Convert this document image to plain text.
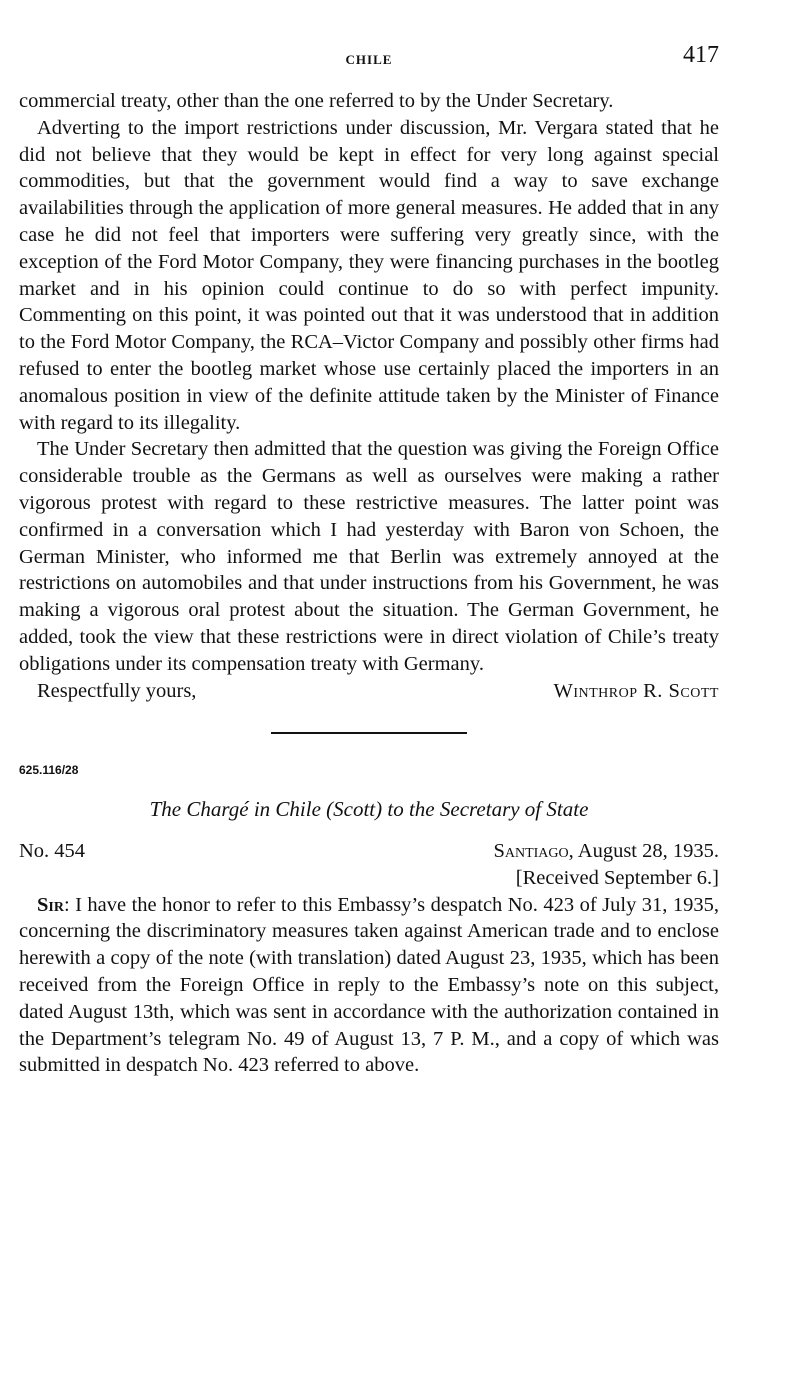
CHILE	417

commercial treaty, other than the one referred to by the Under Secretary.

Adverting to the import restrictions under discussion, Mr. Vergara stated that he did not believe that they would be kept in effect for very long against special commodities, but that the government would find a way to save exchange availabilities through the application of more general measures. He added that in any case he did not feel that importers were suffering very greatly since, with the exception of the Ford Motor Company, they were financing purchases in the bootleg market and in his opinion could continue to do so with perfect impunity. Commenting on this point, it was pointed out that it was understood that in addition to the Ford Motor Company, the RCA–Victor Company and possibly other firms had refused to enter the bootleg market whose use certainly placed the importers in an anomalous position in view of the definite attitude taken by the Minister of Finance with regard to its illegality.

The Under Secretary then admitted that the question was giving the Foreign Office considerable trouble as the Germans as well as ourselves were making a rather vigorous protest with regard to these restrictive measures. The latter point was confirmed in a conversation which I had yesterday with Baron von Schoen, the German Minister, who informed me that Berlin was extremely annoyed at the restrictions on automobiles and that under instructions from his Government, he was making a vigorous oral protest about the situation. The German Government, he added, took the view that these restrictions were in direct violation of Chile’s treaty obligations under its compensation treaty with Germany.

Respectfully yours,	Winthrop R. Scott
625.116/28
The Chargé in Chile (Scott) to the Secretary of State
No. 454	Santiago, August 28, 1935.
[Received September 6.]

Sir: I have the honor to refer to this Embassy’s despatch No. 423 of July 31, 1935, concerning the discriminatory measures taken against American trade and to enclose herewith a copy of the note (with translation) dated August 23, 1935, which has been received from the Foreign Office in reply to the Embassy’s note on this subject, dated August 13th, which was sent in accordance with the authorization contained in the Department’s telegram No. 49 of August 13, 7 P. M., and a copy of which was submitted in despatch No. 423 referred to above.
